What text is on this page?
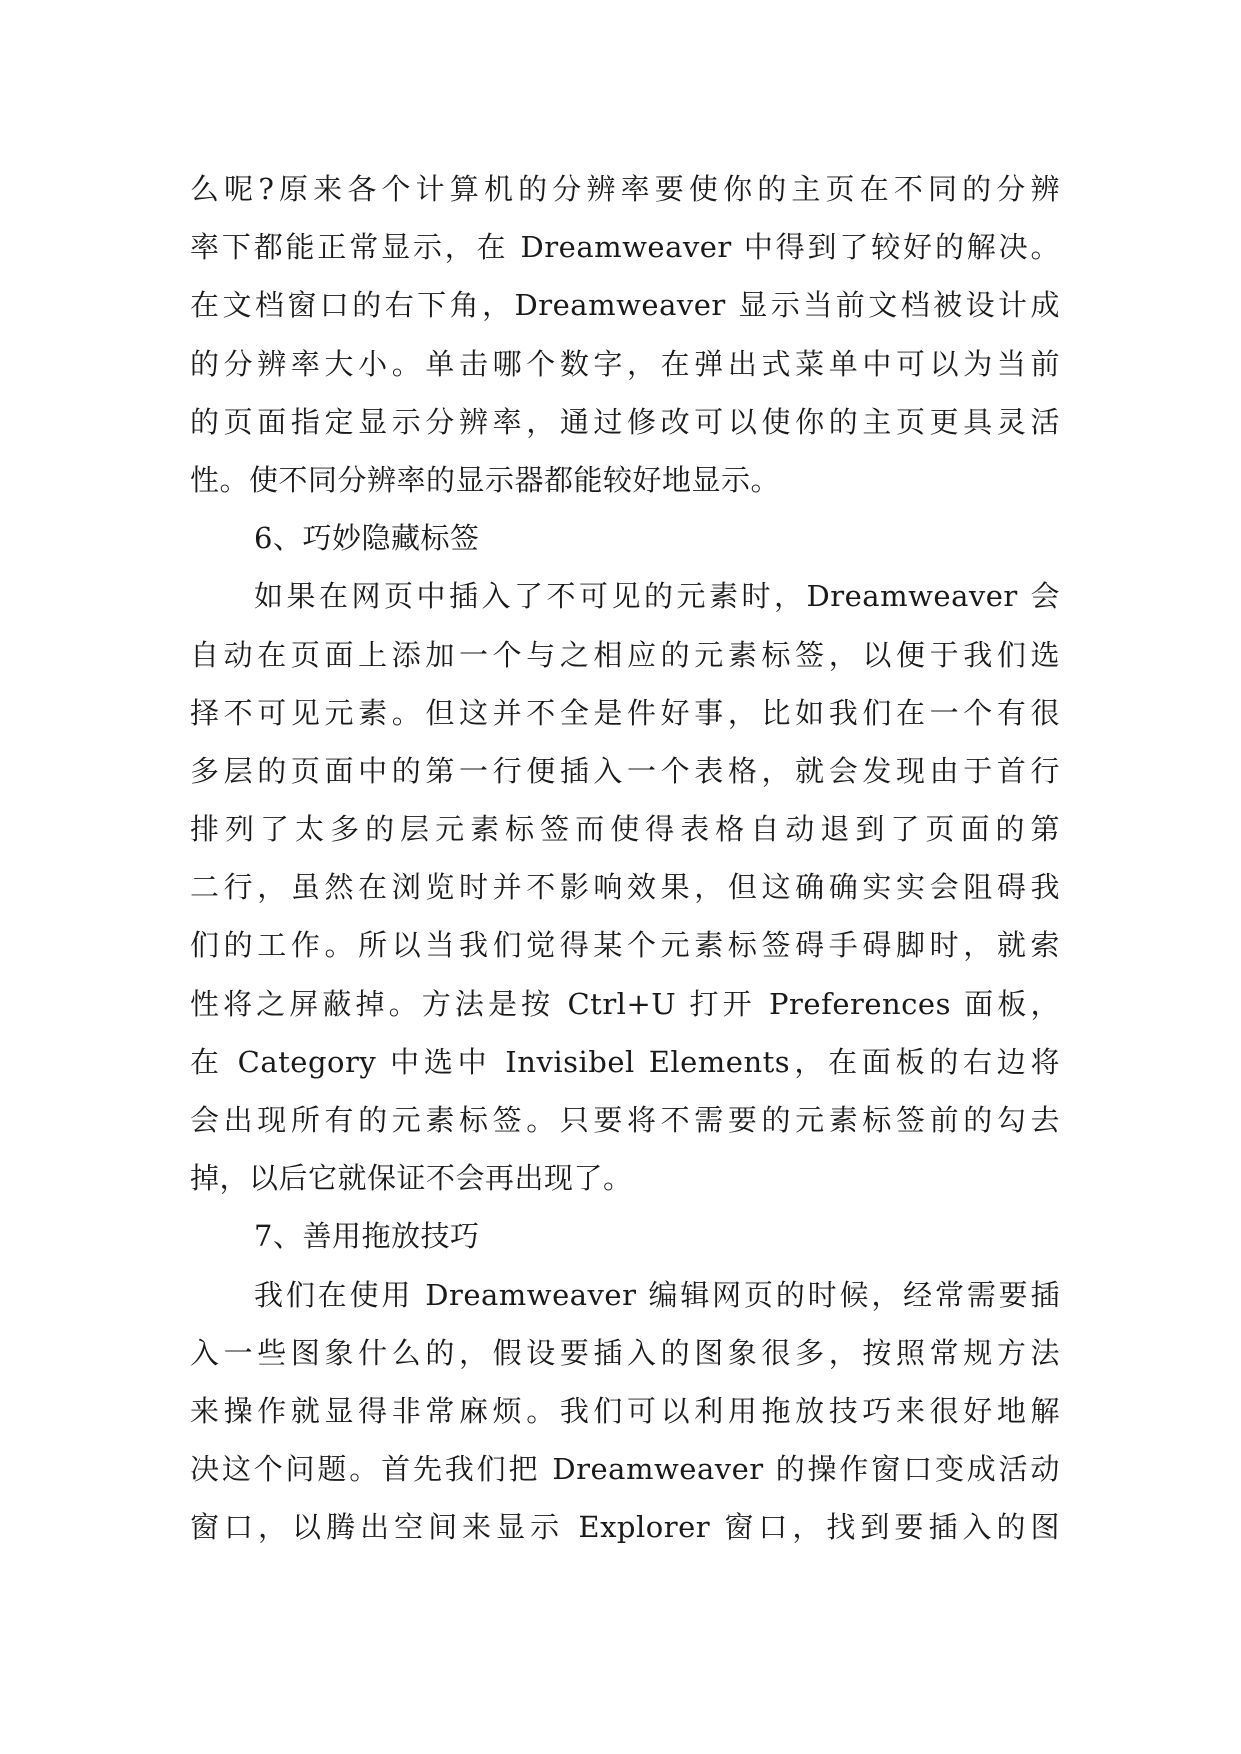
么呢?原来各个计算机的分辨率要使你的主页在不同的分辨
率下都能正常显示，在 Dreamweaver 中得到了较好的解决。
在文档窗口的右下角，Dreamweaver 显示当前文档被设计成
的分辨率大小。单击哪个数字，在弹出式菜单中可以为当前
的页面指定显示分辨率，通过修改可以使你的主页更具灵活
性。使不同分辨率的显示器都能较好地显示。
6、巧妙隐藏标签
如果在网页中插入了不可见的元素时，Dreamweaver 会
自动在页面上添加一个与之相应的元素标签，以便于我们选
择不可见元素。但这并不全是件好事，比如我们在一个有很
多层的页面中的第一行便插入一个表格，就会发现由于首行
排列了太多的层元素标签而使得表格自动退到了页面的第
二行，虽然在浏览时并不影响效果，但这确确实实会阻碍我
们的工作。所以当我们觉得某个元素标签碍手碍脚时，就索
性将之屏蔽掉。方法是按 Ctrl+U 打开 Preferences 面板，
在 Category 中选中 Invisibel Elements，在面板的右边将
会出现所有的元素标签。只要将不需要的元素标签前的勾去
掉，以后它就保证不会再出现了。
7、善用拖放技巧
我们在使用 Dreamweaver 编辑网页的时候，经常需要插
入一些图象什么的，假设要插入的图象很多，按照常规方法
来操作就显得非常麻烦。我们可以利用拖放技巧来很好地解
决这个问题。首先我们把 Dreamweaver 的操作窗口变成活动
窗口，以腾出空间来显示 Explorer 窗口，找到要插入的图
